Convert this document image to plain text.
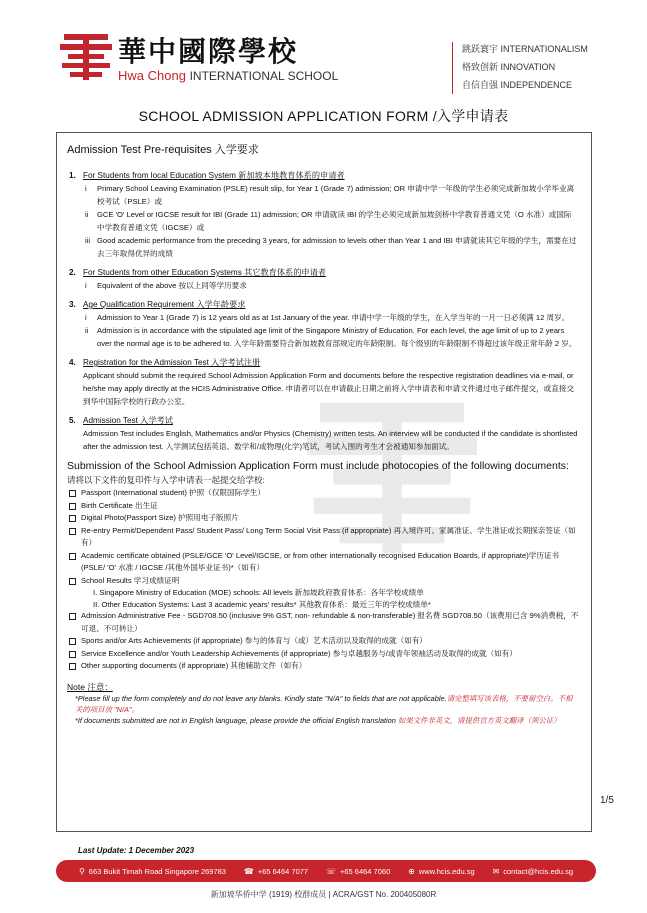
華中國際學校
Hwa Chong INTERNATIONAL SCHOOL
跳跃寰宇 INTERNATIONALISM
格致创新 INNOVATION
自信自强 INDEPENDENCE
SCHOOL ADMISSION APPLICATION FORM /入学申请表
Admission Test Pre-requisites 入学要求
1. For Students from local Education System 新加坡本地教育体系的申请者
i Primary School Leaving Examination (PSLE) result slip, for Year 1 (Grade 7) admission; OR 申请中学一年级的学生必须完成新加坡小学毕业离校考试（PSLE）或
ii GCE 'O' Level or IGCSE result for IBI (Grade 11) admission; OR 申请就读 IBI 的学生必须完成新加坡剑桥中学教育普通文凭（O 水准）或国际中学教育普通文凭（IGCSE）或
iii Good academic performance from the preceding 3 years, for admission to levels other than Year 1 and IBI 申请就读其它年级的学生，需要在过去三年取得优异的成绩
2. For Students from other Education Systems 其它教育体系的申请者
i Equivalent of the above 按以上同等学历要求
3. Age Qualification Requirement 入学年龄要求
i Admission to Year 1 (Grade 7) is 12 years old as at 1st January of the year. 申请中学一年级的学生，在入学当年的一月一日必须满 12 周岁。
ii Admission is in accordance with the stipulated age limit of the Singapore Ministry of Education. For each level, the age limit of up to 2 years over the normal age is to be adhered to. 入学年龄需要符合新加坡教育部规定的年龄限制。每个级别的年龄限制不得超过该年级正常年龄 2 岁。
4. Registration for the Admission Test 入学考试注册
Applicant should submit the required School Admission Application Form and documents before the respective registration deadlines via e-mail, or he/she may apply directly at the HCIS Administrative Office. 申请者可以在申请截止日期之前将入学申请表和申请文件通过电子邮件提交，或直接交到华中国际学校的行政办公室。
5. Admission Test 入学考试
Admission Test includes English, Mathematics and/or Physics (Chemistry) written tests. An interview will be conducted if the candidate is shortlisted after the admission test. 入学测试包括英语、数学和/或物理(化学)笔试，考试入围的考生才会被通知参加面试。
Submission of the School Admission Application Form must include photocopies of the following documents: 请将以下文件的复印件与入学申请表一起提交给学校:
Passport (International student) 护照（仅限国际学生）
Birth Certificate 出生证
Digital Photo(Passport Size) 护照用电子版照片
Re-entry Permit/Dependent Pass/ Student Pass/ Long Term Social Visit Pass (if appropriate) 再入境许可、家属准证、学生准证或长期探亲签证（如有）
Academic certificate obtained (PSLE/GCE 'O' Level/IGCSE, or from other internationally recognised Education Boards, if appropriate)学历证书 (PSLE/ 'O' 水准 / IGCSE /其他外国毕业证书)*（如有）
School Results 学习成绩证明
I. Singapore Ministry of Education (MOE) schools: All levels 新加坡政府教育体系：各年学校成绩单
II. Other Education Systems: Last 3 academic years' results* 其他教育体系：最近三年的学校成绩单*
Admission Administrative Fee - SGD708.50 (inclusive 9% GST, non- refundable & non-transferable) 报名费 SGD708.50（该费用已含 9%消费税，不可退、不可转让）
Sports and/or Arts Achievements (if appropriate) 参与的体育与（或）艺术活动以及取得的成就（如有）
Service Excellence and/or Youth Leadership Achievements (if appropriate) 参与卓越服务与/或青年领袖活动及取得的成就（如有）
Other supporting documents (if appropriate) 其他辅助文件（如有）
Note 注意：
*Please fill up the form completely and do not leave any blanks. Kindly state "N/A" to fields that are not applicable.请完整填写该表格，不要留空白。不相关的项目放 "N/A"。
*If documents submitted are not in English language, please provide the official English translation 如果文件非英文，请提供官方英文翻译（须公证）
1/5
Last Update: 1 December 2023
⚲ 663 Bukit Timah Road Singapore 269783 ☎ +65 6464 7077 ☏ +65 6464 7060 ⊕ www.hcis.edu.sg ✉ contact@hcis.edu.sg
新加坡华侨中学 (1919) 校群成员 | ACRA/GST No. 200405080R
